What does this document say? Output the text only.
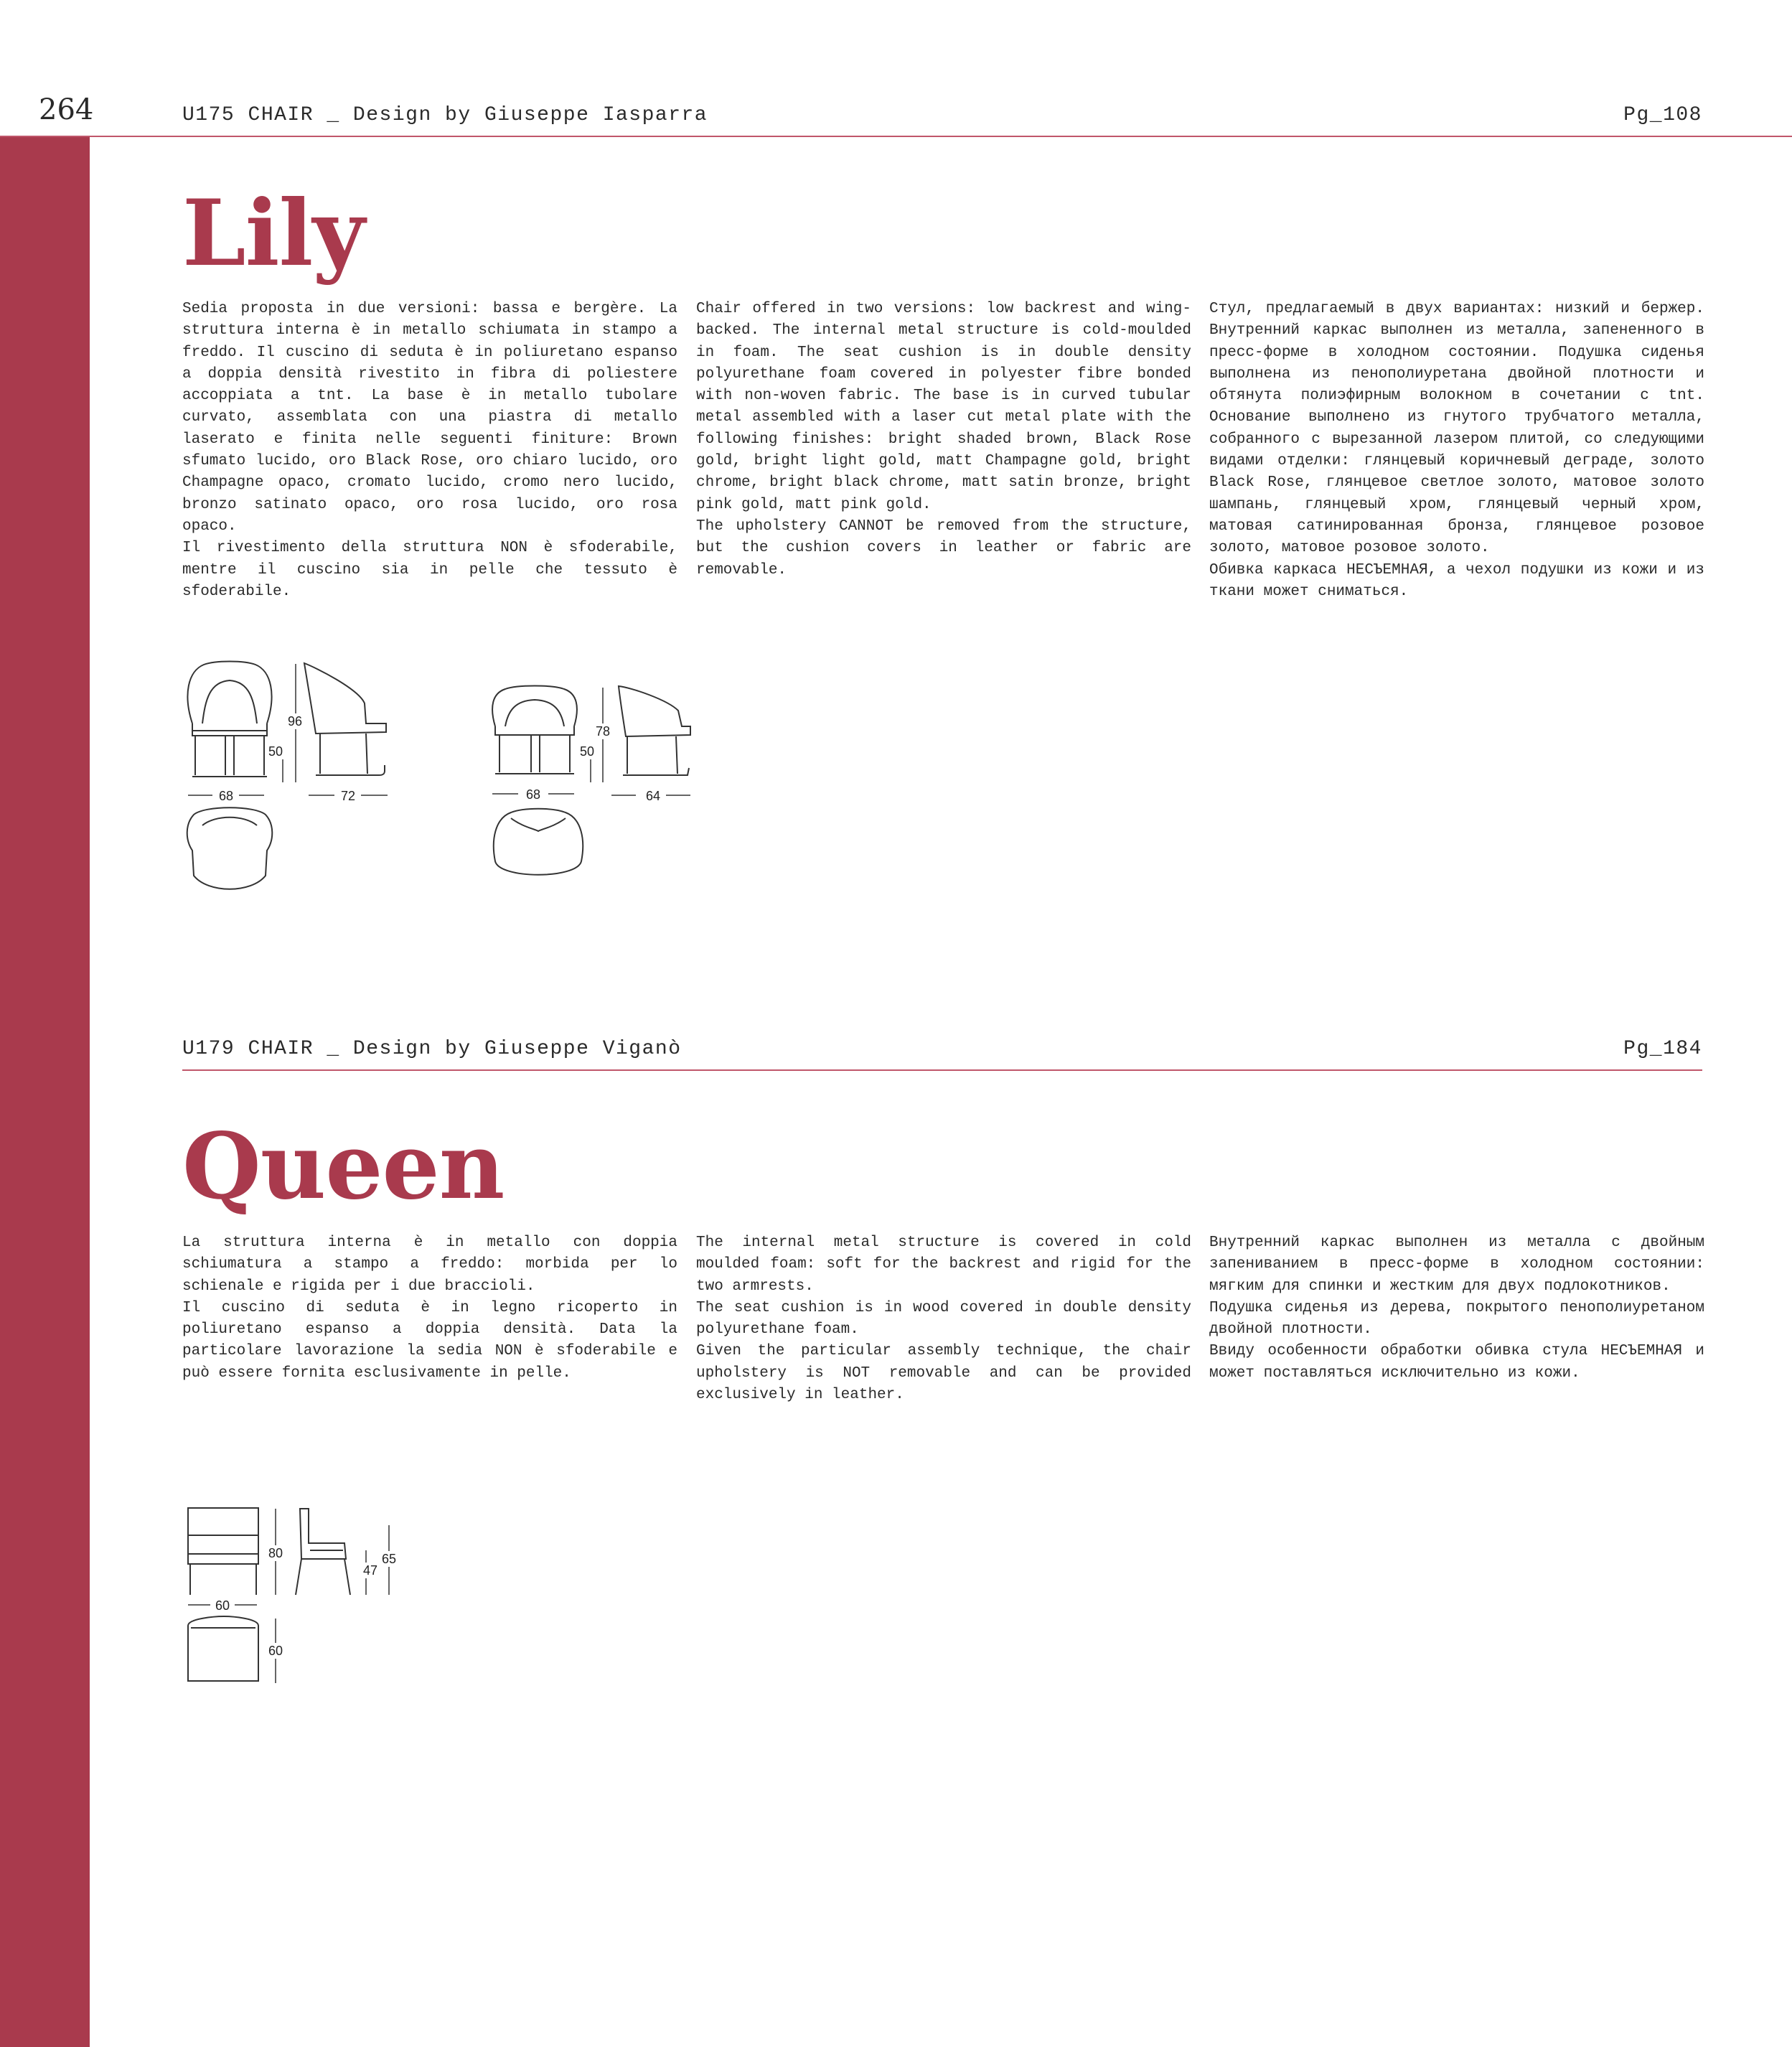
264	U175 CHAIR _ Design by Giuseppe Iasparra	Pg_108
Lily

Sedia proposta in due versioni: bassa e bergère. La struttura interna è in metallo schiumata in stampo a freddo. Il cuscino di seduta è in poliuretano espanso a doppia densità rivestito in fibra di poliestere accoppiata a tnt. La base è in metallo tubolare curvato, assemblata con una piastra di metallo laserato e finita nelle seguenti finiture: Brown sfumato lucido, oro Black Rose, oro chiaro lucido, oro Champagne opaco, cromato lucido, cromo nero lucido, bronzo satinato opaco, oro rosa lucido, oro rosa opaco.

Il rivestimento della struttura NON è sfoderabile, mentre il cuscino sia in pelle che tessuto è sfoderabile.

Chair offered in two versions: low backrest and wing-backed. The internal metal structure is cold-moulded in foam. The seat cushion is in double density polyurethane foam covered in polyester fibre bonded with non-woven fabric. The base is in curved tubular metal assembled with a laser cut metal plate with the following finishes: bright shaded brown, Black Rose gold, bright light gold, matt Champagne gold, bright chrome, bright black chrome, matt satin bronze, bright pink gold, matt pink gold.

The upholstery CANNOT be removed from the structure, but the cushion covers in leather or fabric are removable.

Стул, предлагаемый в двух вариантах: низкий и бержер. Внутренний каркас выполнен из металла, запененного в пресс-форме в холодном состоянии. Подушка сиденья выполнена из пенополиуретана двойной плотности и обтянута полиэфирным волокном в сочетании с tnt. Основание выполнено из гнутого трубчатого металла, собранного с вырезанной лазером плитой, со следующими видами отделки: глянцевый коричневый деграде, золото Black Rose, глянцевое светлое золото, матовое золото шампань, глянцевый хром, глянцевый черный хром, матовая сатинированная бронза, глянцевое розовое золото, матовое розовое золото.

Обивка каркаса НЕСЪЕМНАЯ, а чехол подушки из кожи и из ткани может сниматься.

U179 CHAIR _ Design by Giuseppe Viganò	Pg_184
Queen

La struttura interna è in metallo con doppia schiumatura a stampo a freddo: morbida per lo schienale e rigida per i due braccioli.

Il cuscino di seduta è in legno ricoperto in poliuretano espanso a doppia densità. Data la particolare lavorazione la sedia NON è sfoderabile e può essere fornita esclusivamente in pelle.

The internal metal structure is covered in cold moulded foam: soft for the backrest and rigid for the two armrests.

The seat cushion is in wood covered in double density polyurethane foam.

Given the particular assembly technique, the chair upholstery is NOT removable and can be provided exclusively in leather.

Внутренний каркас выполнен из металла с двойным запениванием в пресс-форме в холодном состоянии: мягким для спинки и жестким для двух подлокотников.

Подушка сиденья из дерева, покрытого пенополиуретаном двойной плотности.

Ввиду особенности обработки обивка стула НЕСЪЕМНАЯ и может поставляться исключительно из кожи.

68
50
96
72	68
50
78
64
60
80
47
65
60
